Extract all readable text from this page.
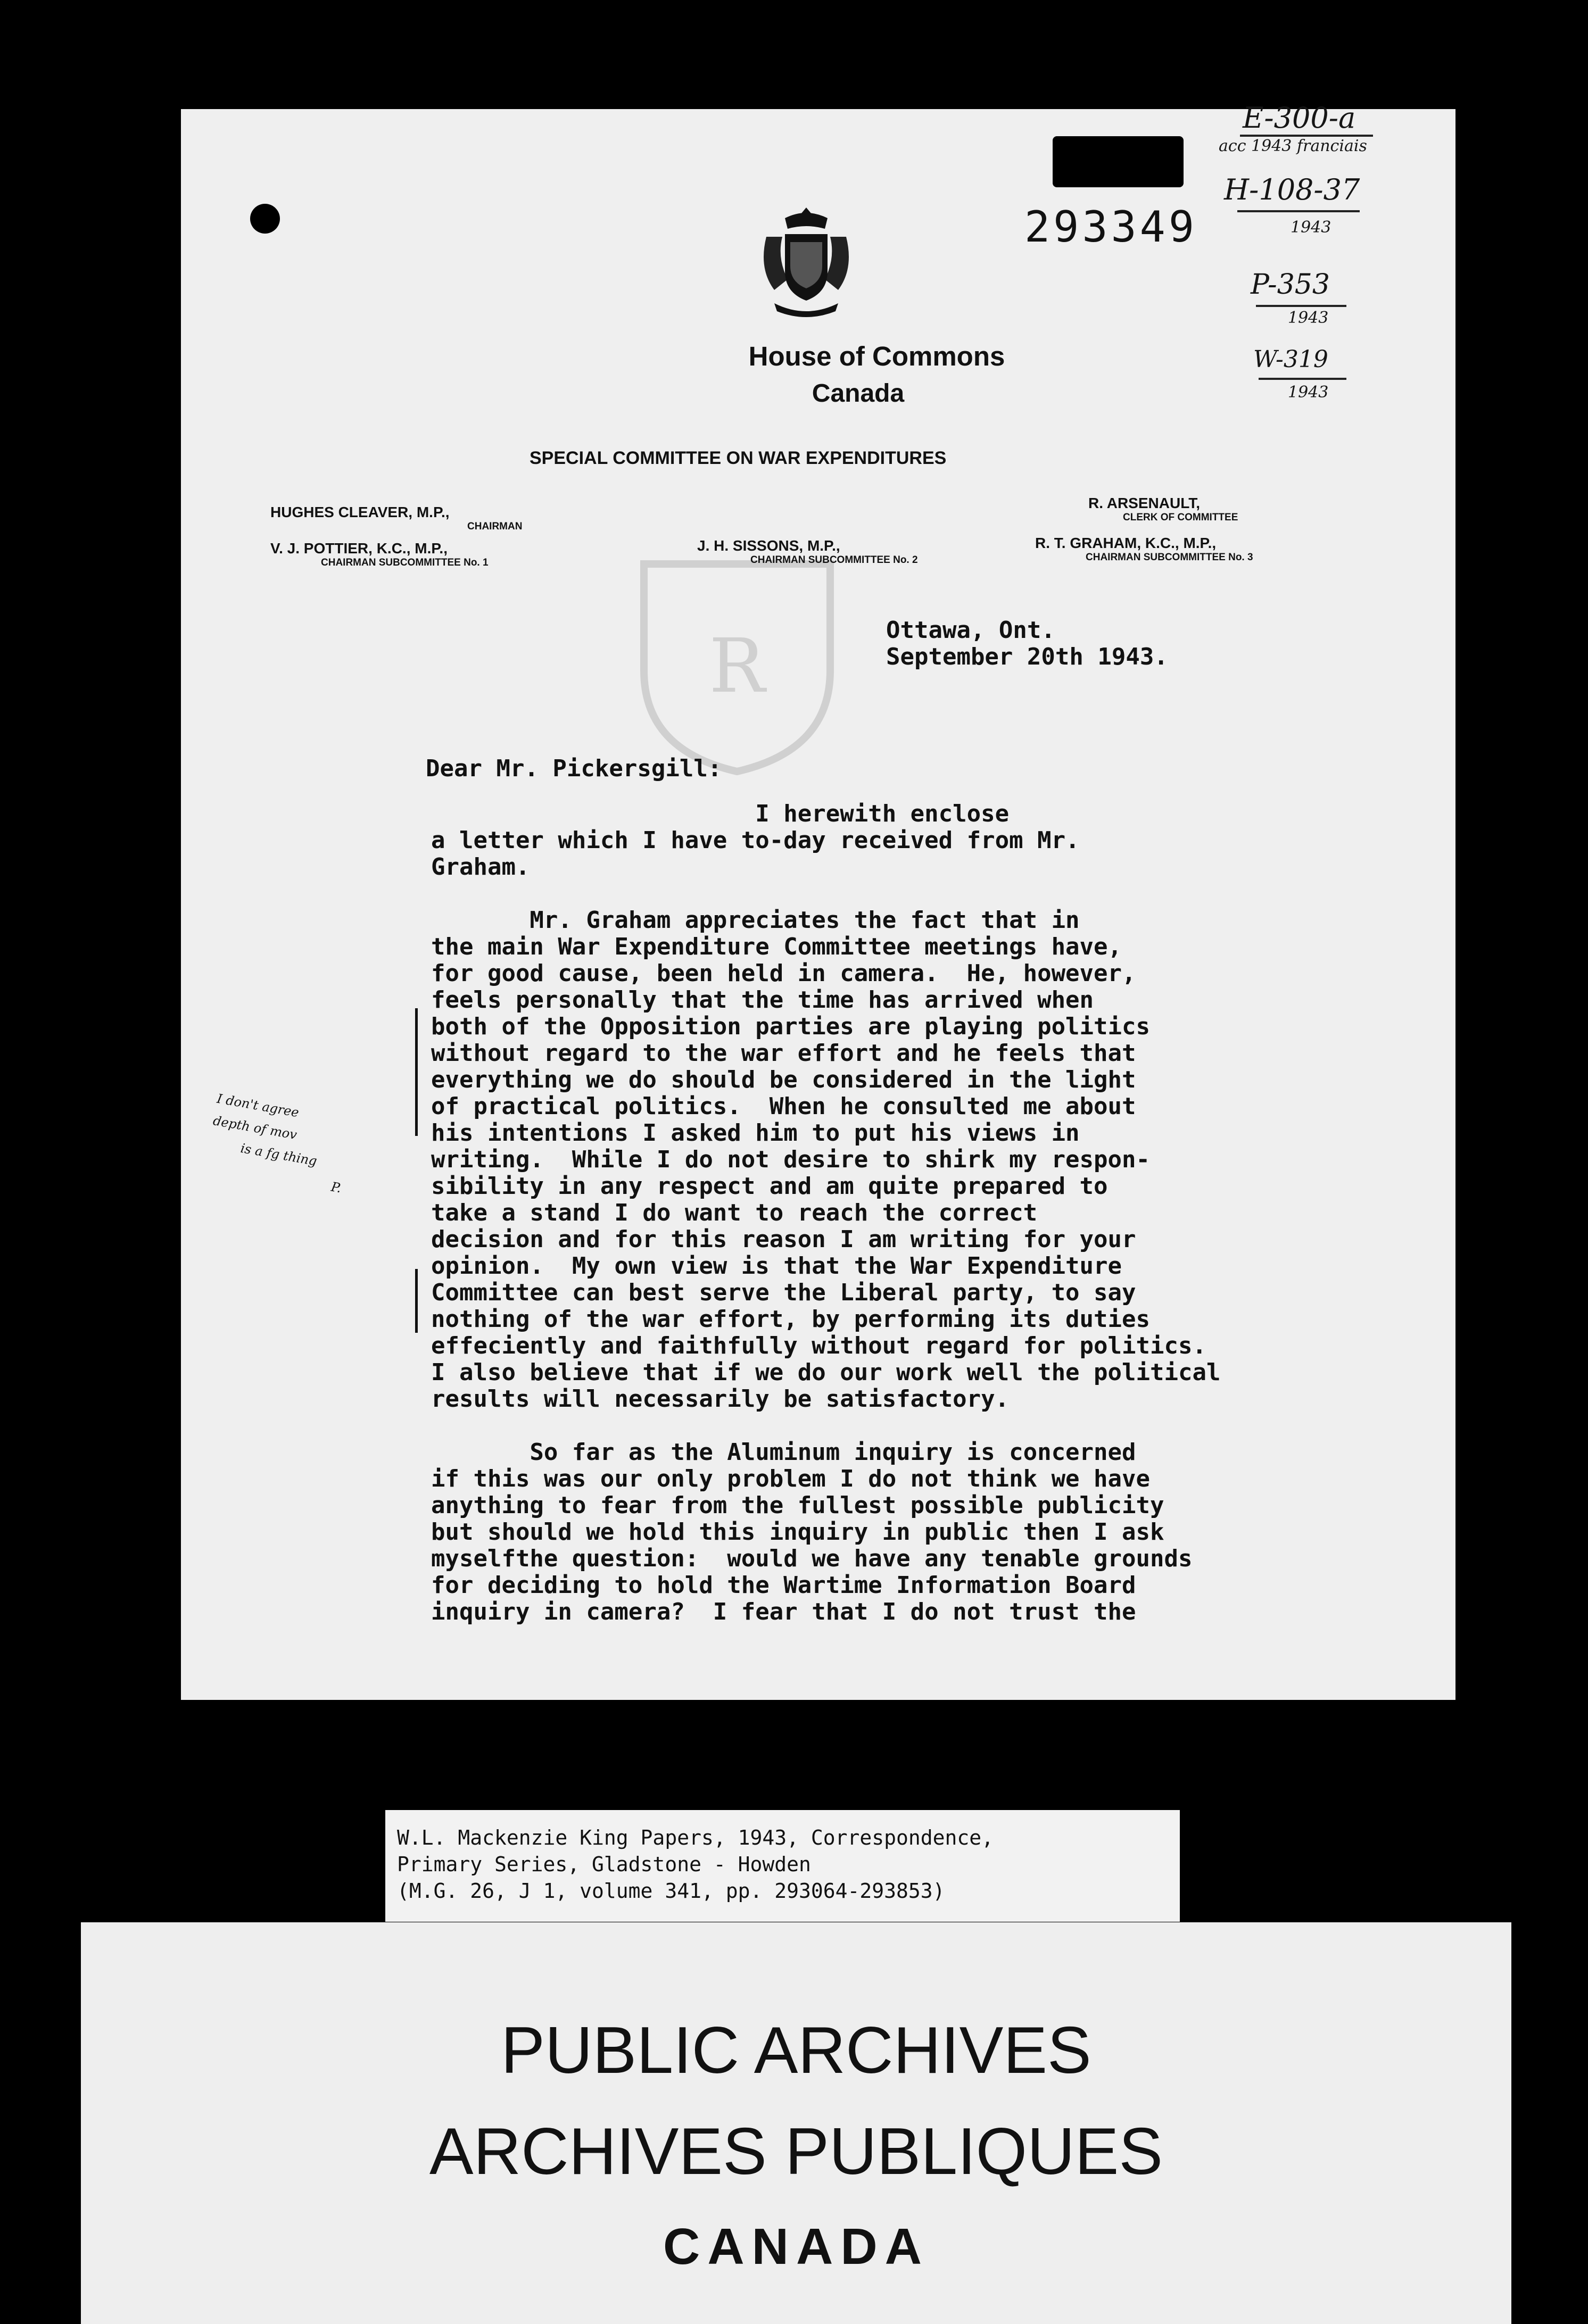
E-300-a
acc 1943 franciais
H-108-37
1943
P-353
1943
W-319
1943
293349
R
House of Commons
Canada
SPECIAL COMMITTEE ON WAR EXPENDITURES
HUGHES CLEAVER, M.P.,
CHAIRMAN
V. J. POTTIER, K.C., M.P.,
CHAIRMAN SUBCOMMITTEE No. 1
J. H. SISSONS, M.P.,
CHAIRMAN SUBCOMMITTEE No. 2
R. ARSENAULT,
CLERK OF COMMITTEE
R. T. GRAHAM, K.C., M.P.,
CHAIRMAN SUBCOMMITTEE No. 3
Ottawa, Ont.
September 20th 1943.
Dear Mr. Pickersgill:
I herewith enclose
a letter which I have to-day received from Mr.
Graham.
Mr. Graham appreciates the fact that in
the main War Expenditure Committee meetings have,
for good cause, been held in camera.  He, however,
feels personally that the time has arrived when
both of the Opposition parties are playing politics
without regard to the war effort and he feels that
everything we do should be considered in the light
of practical politics.  When he consulted me about
his intentions I asked him to put his views in
writing.  While I do not desire to shirk my respon-
sibility in any respect and am quite prepared to
take a stand I do want to reach the correct
decision and for this reason I am writing for your
opinion.  My own view is that the War Expenditure
Committee can best serve the Liberal party, to say
nothing of the war effort, by performing its duties
effeciently and faithfully without regard for politics.
I also believe that if we do our work well the political
results will necessarily be satisfactory.
So far as the Aluminum inquiry is concerned
if this was our only problem I do not think we have
anything to fear from the fullest possible publicity
but should we hold this inquiry in public then I ask
myselfthe question:  would we have any tenable grounds
for deciding to hold the Wartime Information Board
inquiry in camera?  I fear that I do not trust the
I don't agree
depth of mov
is a fg thing
P.
W.L. Mackenzie King Papers, 1943, Correspondence,
Primary Series, Gladstone - Howden
(M.G. 26, J 1, volume 341, pp. 293064-293853)
PUBLIC ARCHIVES
ARCHIVES PUBLIQUES
CANADA
